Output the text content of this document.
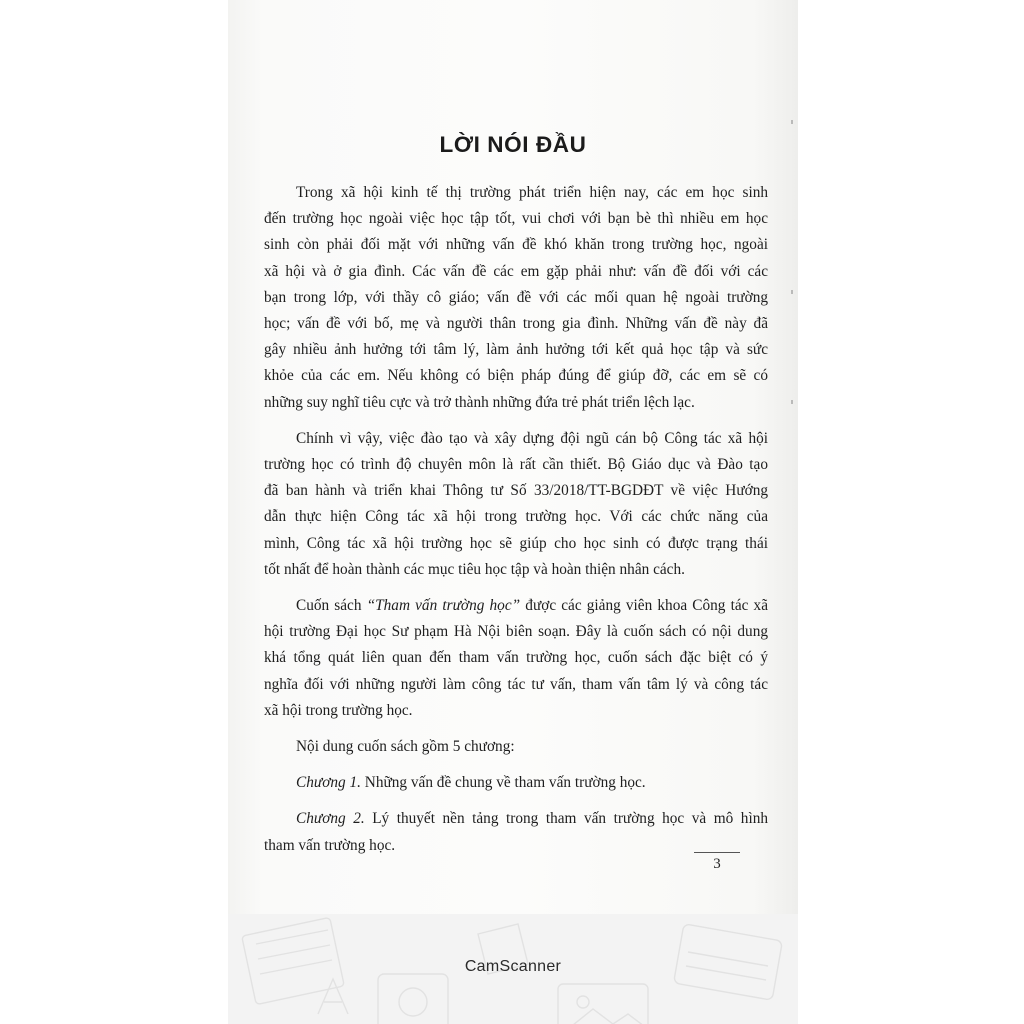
LỜI NÓI ĐẦU
Trong xã hội kinh tế thị trường phát triển hiện nay, các em học sinh
đến trường học ngoài việc học tập tốt, vui chơi với bạn bè thì nhiều em học
sinh còn phải đối mặt với những vấn đề khó khăn trong trường học, ngoài
xã hội và ở gia đình. Các vấn đề các em gặp phải như: vấn đề đối với các
bạn trong lớp, với thầy cô giáo; vấn đề với các mối quan hệ ngoài trường
học; vấn đề với bố, mẹ và người thân trong gia đình. Những vấn đề này đã
gây nhiều ảnh hưởng tới tâm lý, làm ảnh hưởng tới kết quả học tập và sức
khỏe của các em. Nếu không có biện pháp đúng để giúp đỡ, các em sẽ có
những suy nghĩ tiêu cực và trở thành những đứa trẻ phát triển lệch lạc.
Chính vì vậy, việc đào tạo và xây dựng đội ngũ cán bộ Công tác xã hội
trường học có trình độ chuyên môn là rất cần thiết. Bộ Giáo dục và Đào tạo
đã ban hành và triển khai Thông tư Số 33/2018/TT-BGDĐT về việc Hướng
dẫn thực hiện Công tác xã hội trong trường học. Với các chức năng của
mình, Công tác xã hội trường học sẽ giúp cho học sinh có được trạng thái
tốt nhất để hoàn thành các mục tiêu học tập và hoàn thiện nhân cách.
Cuốn sách “Tham vấn trường học” được các giảng viên khoa Công tác xã
hội trường Đại học Sư phạm Hà Nội biên soạn. Đây là cuốn sách có nội dung
khá tổng quát liên quan đến tham vấn trường học, cuốn sách đặc biệt có ý
nghĩa đối với những người làm công tác tư vấn, tham vấn tâm lý và công tác
xã hội trong trường học.
Nội dung cuốn sách gồm 5 chương:
Chương 1. Những vấn đề chung về tham vấn trường học.
Chương 2. Lý thuyết nền tảng trong tham vấn trường học và mô hình
tham vấn trường học.
3
CamScanner
